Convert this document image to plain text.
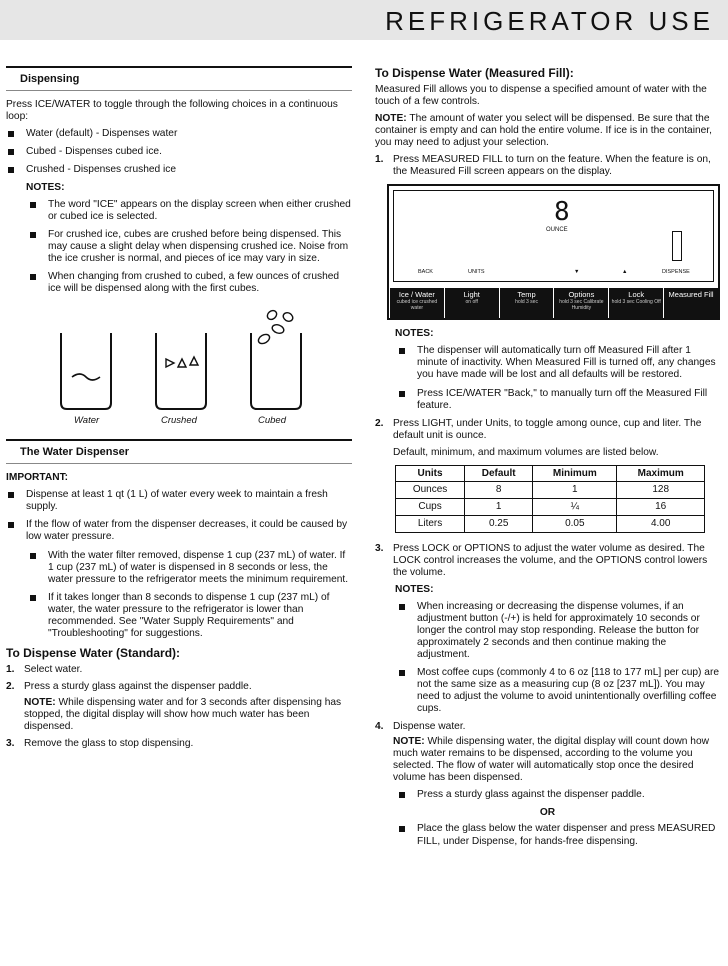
REFRIGERATOR USE
Dispensing

Press ICE/WATER to toggle through the following choices in a continuous loop:

Water (default) - Dispenses water
Cubed - Dispenses cubed ice.
Crushed - Dispenses crushed ice
NOTES:
The word "ICE" appears on the display screen when either crushed or cubed ice is selected.
For crushed ice, cubes are crushed before being dispensed. This may cause a slight delay when dispensing crushed ice. Noise from the ice crusher is normal, and pieces of ice may vary in size.
When changing from crushed to cubed, a few ounces of crushed ice will be dispensed along with the first cubes.
Water	Crushed	Cubed
The Water Dispenser

IMPORTANT:

Dispense at least 1 qt (1 L) of water every week to maintain a fresh supply.
If the flow of water from the dispenser decreases, it could be caused by low water pressure.
With the water filter removed, dispense 1 cup (237 mL) of water. If 1 cup (237 mL) of water is dispensed in 8 seconds or less, the water pressure to the refrigerator meets the minimum requirement.
If it takes longer than 8 seconds to dispense 1 cup (237 mL) of water, the water pressure to the refrigerator is lower than recommended. See "Water Supply Requirements" and "Troubleshooting" for suggestions.
To Dispense Water (Standard):
1. Select water.
2. Press a sturdy glass against the dispenser paddle.
NOTE: While dispensing water and for 3 seconds after dispensing has stopped, the digital display will show how much water has been dispensed.
3. Remove the glass to stop dispensing.
To Dispense Water (Measured Fill):

Measured Fill allows you to dispense a specified amount of water with the touch of a few controls.

NOTE: The amount of water you select will be dispensed. Be sure that the container is empty and can hold the entire volume. If ice is in the container, you may need to adjust your selection.

1. Press MEASURED FILL to turn on the feature. When the feature is on, the Measured Fill screen appears on the display.
8
OUNCE
BACK	UNITS	▼	▲	DISPENSE
Ice / Water
cubed ice crushed water
Light
on off
Temp
hold 3 sec
Options
hold 3 sec Calibrate Humidity
Lock
hold 3 sec Cooling Off
Measured Fill
NOTES:
The dispenser will automatically turn off Measured Fill after 1 minute of inactivity. When Measured Fill is turned off, any changes you have made will be lost and all defaults will be restored.
Press ICE/WATER "Back," to manually turn off the Measured Fill feature.
2. Press LIGHT, under Units, to toggle among ounce, cup and liter. The default unit is ounce.

Default, minimum, and maximum volumes are listed below.

Units	Default	Minimum	Maximum
Ounces	8	1	128
Cups	1	¼	16
Liters	0.25	0.05	4.00
3. Press LOCK or OPTIONS to adjust the water volume as desired. The LOCK control increases the volume, and the OPTIONS control lowers the volume.
NOTES:
When increasing or decreasing the dispense volumes, if an adjustment button (-/+) is held for approximately 10 seconds or longer the control may stop responding. Release the button for approximately 2 seconds and then continue making the adjustment.
Most coffee cups (commonly 4 to 6 oz [118 to 177 mL] per cup) are not the same size as a measuring cup (8 oz [237 mL]). You may need to adjust the volume to avoid unintentionally overfilling coffee cups.
4. Dispense water.
NOTE: While dispensing water, the digital display will count down how much water remains to be dispensed, according to the volume you selected. The flow of water will automatically stop once the desired volume has been dispensed.
Press a sturdy glass against the dispenser paddle.
OR
Place the glass below the water dispenser and press MEASURED FILL, under Dispense, for hands-free dispensing.
